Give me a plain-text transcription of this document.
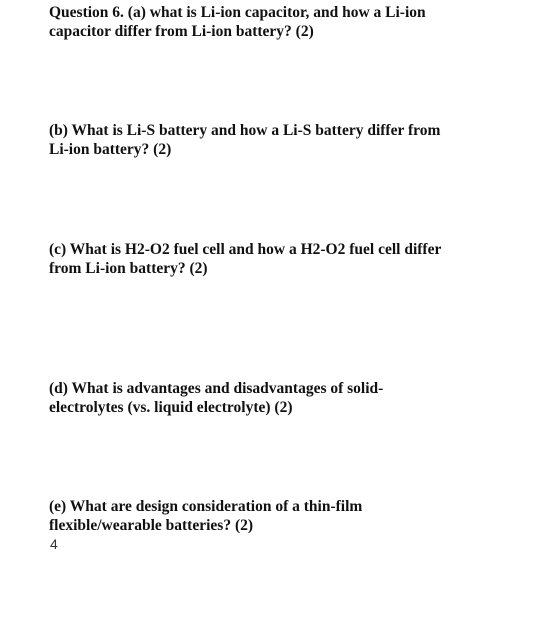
Question 6. (a) what is Li-ion capacitor, and how a Li-ion
capacitor differ from Li-ion battery? (2)
(b) What is Li-S battery and how a Li-S battery differ from
Li-ion battery? (2)
(c) What is H2-O2 fuel cell and how a H2-O2 fuel cell differ
from Li-ion battery? (2)
(d) What is advantages and disadvantages of solid-
electrolytes (vs. liquid electrolyte) (2)
(e) What are design consideration of a thin-film
flexible/wearable batteries? (2)
4
